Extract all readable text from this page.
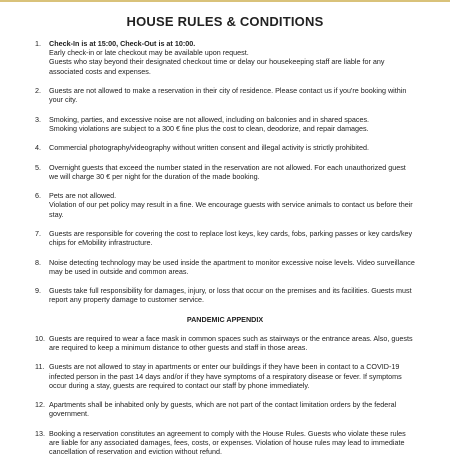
HOUSE RULES & CONDITIONS
1.	Check-In is at 15:00, Check-Out is at 10:00.
Early check-in or late checkout may be available upon request.
Guests who stay beyond their designated checkout time or delay our housekeeping staff are liable for any associated costs and expenses.
2.	Guests are not allowed to make a reservation in their city of residence. Please contact us if you're booking within your city.
3.	Smoking, parties, and excessive noise are not allowed, including on balconies and in shared spaces.
Smoking violations are subject to a 300 € fine plus the cost to clean, deodorize, and repair damages.
4.	Commercial photography/videography without written consent and illegal activity is strictly prohibited.
5.	Overnight guests that exceed the number stated in the reservation are not allowed. For each unauthorized guest we will charge 30 € per night for the duration of the made booking.
6.	Pets are not allowed.
Violation of our pet policy may result in a fine. We encourage guests with service animals to contact us before their stay.
7.	Guests are responsible for covering the cost to replace lost keys, key cards, fobs, parking passes or key cards/key chips for eMobility infrastructure.
8.	Noise detecting technology may be used inside the apartment to monitor excessive noise levels. Video surveillance may be used in outside and common areas.
9.	Guests take full responsibility for damages, injury, or loss that occur on the premises and its facilities. Guests must report any property damage to customer service.
PANDEMIC APPENDIX
10. Guests are required to wear a face mask in common spaces such as stairways or the entrance areas. Also, guests are required to keep a minimum distance to other guests and staff in those areas.
11. Guests are not allowed to stay in apartments or enter our buildings if they have been in contact to a COVID-19 infected person in the past 14 days and/or if they have symptoms of a respiratory disease or fever. If symptoms occur during a stay, guests are required to contact our staff by phone immediately.
12. Apartments shall be inhabited only by guests, which are not part of the contact limitation orders by the federal government.
13. Booking a reservation constitutes an agreement to comply with the House Rules. Guests who violate these rules are liable for any associated damages, fees, costs, or expenses. Violation of house rules may lead to immediate cancellation of reservation and eviction without refund.
